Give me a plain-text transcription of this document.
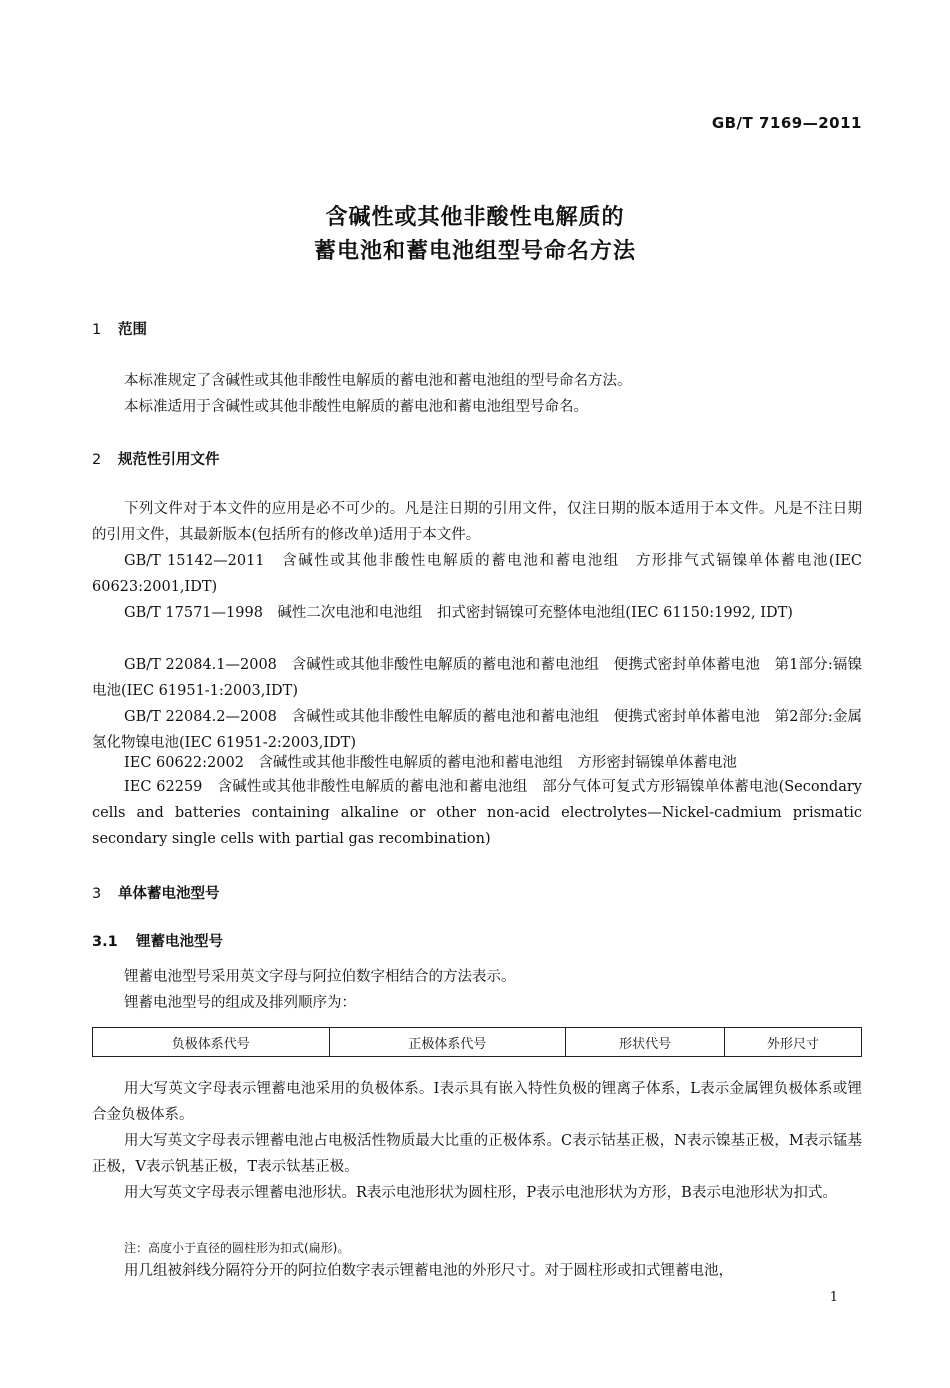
GB/T 7169—2011
含碱性或其他非酸性电解质的
蓄电池和蓄电池组型号命名方法
1 范围
本标准规定了含碱性或其他非酸性电解质的蓄电池和蓄电池组的型号命名方法。
本标准适用于含碱性或其他非酸性电解质的蓄电池和蓄电池组型号命名。
2 规范性引用文件
下列文件对于本文件的应用是必不可少的。凡是注日期的引用文件，仅注日期的版本适用于本文件。凡是不注日期的引用文件，其最新版本(包括所有的修改单)适用于本文件。
GB/T 15142—2011　含碱性或其他非酸性电解质的蓄电池和蓄电池组　方形排气式镉镍单体蓄电池(IEC 60623:2001,IDT)
GB/T 17571—1998　碱性二次电池和电池组　扣式密封镉镍可充整体电池组(IEC 61150:1992, IDT)
GB/T 22084.1—2008　含碱性或其他非酸性电解质的蓄电池和蓄电池组　便携式密封单体蓄电池　第1部分:镉镍电池(IEC 61951-1:2003,IDT)
GB/T 22084.2—2008　含碱性或其他非酸性电解质的蓄电池和蓄电池组　便携式密封单体蓄电池　第2部分:金属氢化物镍电池(IEC 61951-2:2003,IDT)
IEC 60622:2002　含碱性或其他非酸性电解质的蓄电池和蓄电池组　方形密封镉镍单体蓄电池
IEC 62259　含碱性或其他非酸性电解质的蓄电池和蓄电池组　部分气体可复式方形镉镍单体蓄电池(Secondary cells and batteries containing alkaline or other non-acid electrolytes—Nickel-cadmium prismatic secondary single cells with partial gas recombination)
3 单体蓄电池型号
3.1 锂蓄电池型号
锂蓄电池型号采用英文字母与阿拉伯数字相结合的方法表示。
锂蓄电池型号的组成及排列顺序为：
负极体系代号	正极体系代号	形状代号	外形尺寸
用大写英文字母表示锂蓄电池采用的负极体系。I表示具有嵌入特性负极的锂离子体系，L表示金属锂负极体系或锂合金负极体系。
用大写英文字母表示锂蓄电池占电极活性物质最大比重的正极体系。C表示钴基正极，N表示镍基正极，M表示锰基正极，V表示钒基正极，T表示钛基正极。
用大写英文字母表示锂蓄电池形状。R表示电池形状为圆柱形，P表示电池形状为方形，B表示电池形状为扣式。
注：高度小于直径的圆柱形为扣式(扁形)。
用几组被斜线分隔符分开的阿拉伯数字表示锂蓄电池的外形尺寸。对于圆柱形或扣式锂蓄电池，
1
